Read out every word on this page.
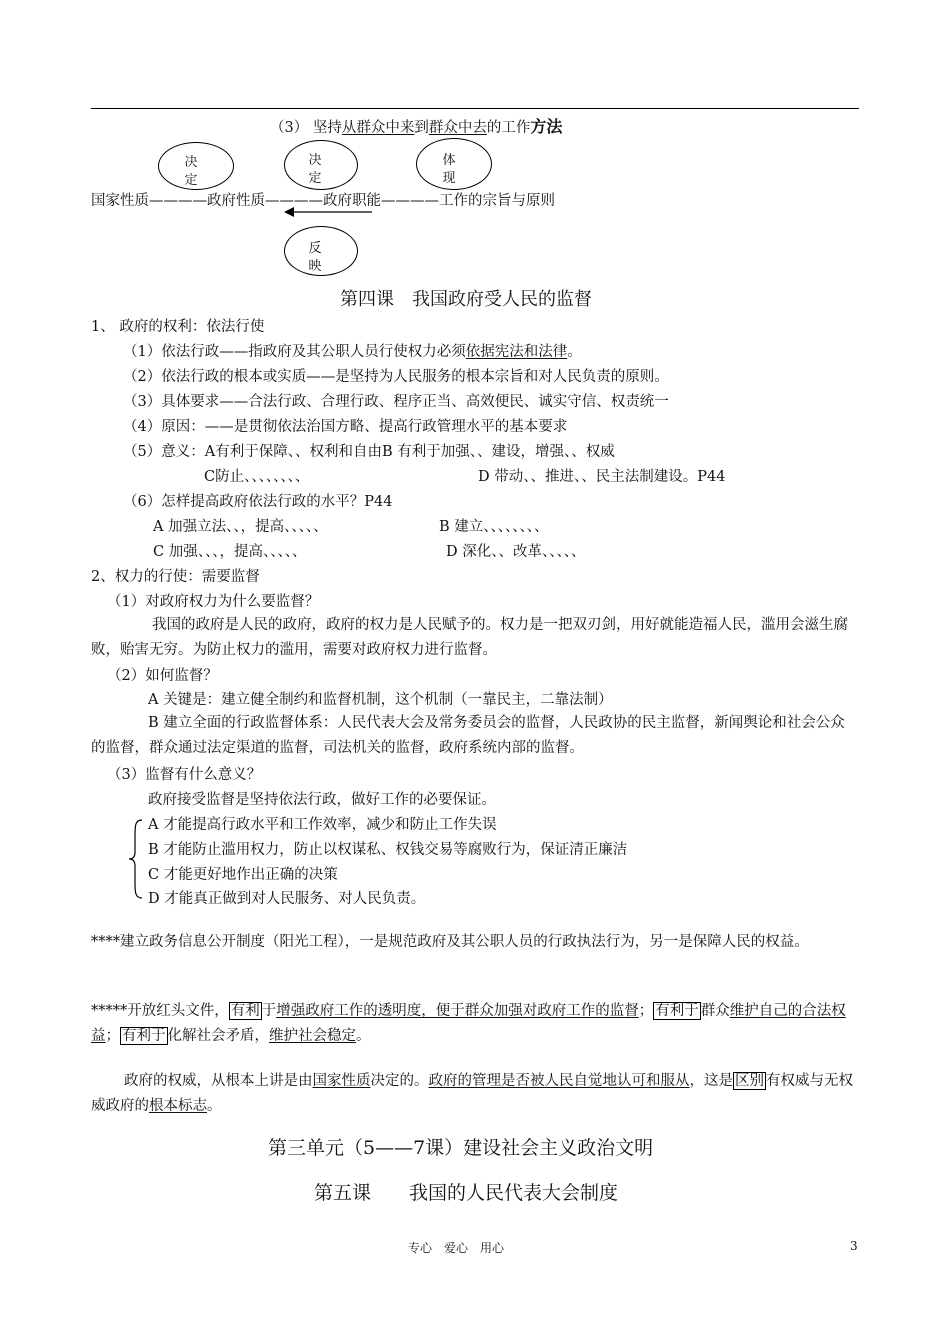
（3） 坚持从群众中来到群众中去的工作方法
决
定
决
定
体
现
国家性质————政府性质————政府职能————工作的宗旨与原则
反
映
第四课　我国政府受人民的监督
1、 政府的权利：依法行使
（1）依法行政——指政府及其公职人员行使权力必须依据宪法和法律。
（2）依法行政的根本或实质——是坚持为人民服务的根本宗旨和对人民负责的原则。
（3）具体要求——合法行政、合理行政、程序正当、高效便民、诚实守信、权责统一
（4）原因：——是贯彻依法治国方略、提高行政管理水平的基本要求
（5）意义：A有利于保障、、权利和自由B 有利于加强、、建设，增强、、权威
C防止、、、、、、、、	D 带动、、推进、、民主法制建设。P44
（6）怎样提高政府依法行政的水平？P44
A 加强立法、、，提高、、、、、	B 建立、、、、、、、、
C 加强、、、，提高、、、、、	D 深化、、改革、、、、、
2、权力的行使：需要监督
（1）对政府权力为什么要监督？
我国的政府是人民的政府，政府的权力是人民赋予的。权力是一把双刃剑，用好就能造福人民，滥用会滋生腐败，贻害无穷。为防止权力的滥用，需要对政府权力进行监督。
（2）如何监督？
A 关键是：建立健全制约和监督机制，这个机制（一靠民主，二靠法制）
B 建立全面的行政监督体系：人民代表大会及常务委员会的监督，人民政协的民主监督，新闻舆论和社会公众的监督，群众通过法定渠道的监督，司法机关的监督，政府系统内部的监督。
（3）监督有什么意义？
政府接受监督是坚持依法行政，做好工作的必要保证。
A 才能提高行政水平和工作效率，减少和防止工作失误
B 才能防止滥用权力，防止以权谋私、权钱交易等腐败行为，保证清正廉洁
C 才能更好地作出正确的决策
D 才能真正做到对人民服务、对人民负责。
****建立政务信息公开制度（阳光工程），一是规范政府及其公职人员的行政执法行为，另一是保障人民的权益。
*****开放红头文件， 有利 于增强政府工作的透明度，便于群众加强对政府工作的监督； 有利于 群众维护自己的合法权益； 有利于 化解社会矛盾，维护社会稳定。
政府的权威，从根本上讲是由国家性质决定的。政府的管理是否被人民自觉地认可和服从，这是 区别 有权威与无权威政府的根本标志。
第三单元（5——7课）建设社会主义政治文明
第五课　　我国的人民代表大会制度
专心　爱心　用心	3
